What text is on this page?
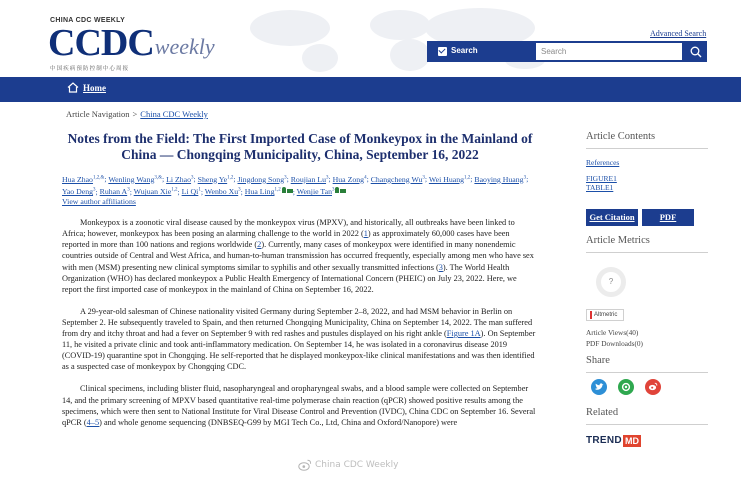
CHINA CDC WEEKLY
CCDC weekly
中国疾病预防控制中心周报
Advanced Search
Search
Search
Home
Article Navigation > China CDC Weekly
Notes from the Field: The First Imported Case of Monkeypox in the Mainland of China — Chongqing Municipality, China, September 16, 2022
Hua Zhao$^{1,2,\&}$; Wenling Wang$^{3,\&}$; Li Zhao$^3$; Sheng Ye$^{1,2}$; Jingdong Song$^3$; Roujian Lu$^3$; Hua Zong$^4$; Changcheng Wu$^3$; Wei Huang$^{1,2}$; Baoying Huang$^3$; Yao Deng$^3$; Ruhan $A^3$; Wujuan Xie$^{1,2}$; Li Qi$^1$; Wenbo Xu$^3$; Hua Ling$^{1,2}$ ; Wenjie Tan$^3$
View author affiliations

Monkeypox is a zoonotic viral disease caused by the monkeypox virus (MPXV), and historically, all outbreaks have been linked to Africa; however, monkeypox has been posing an alarming challenge to the world in 2022 (1) as approximately 60,000 cases have been reported in more than 100 nations and regions worldwide (2). Currently, many cases of monkeypox were identified in many nonendemic countries outside of Central and West Africa, and human-to-human transmission has occurred frequently, especially among men who have sex with men (MSM) presenting new clinical symptoms similar to syphilis and other sexually transmitted infections (3). The World Health Organization (WHO) has declared monkeypox a Public Health Emergency of International Concern (PHEIC) on July 23, 2022. Here, we report the first imported case of monkeypox in the mainland of China on September 16, 2022.

A 29-year-old salesman of Chinese nationality visited Germany during September 2–8, 2022, and had MSM behavior in Berlin on September 2. He subsequently traveled to Spain, and then returned Chongqing Municipality, China on September 14, 2022. The man suffered from dry and itchy throat and had a fever on September 9 with red rashes and pustules displayed on his right ankle (Figure 1A). On September 11, he visited a private clinic and took anti-inflammatory medication. On September 14, he was isolated in a coronavirus disease 2019 (COVID-19) quarantine spot in Chongqing. He self-reported that he displayed monkeypox-like clinical manifestations and was then identified as a suspected case of monkeypox by Chongqing CDC.

Clinical specimens, including blister fluid, nasopharyngeal and oropharyngeal swabs, and a blood sample were collected on September 14, and the primary screening of MPXV based quantitative real-time polymerase chain reaction (qPCR) showed positive results among the specimens, which were then sent to National Institute for Viral Disease Control and Prevention (IVDC), China CDC on September 16. Several qPCR (4–5) and whole genome sequencing (DNBSEQ-G99 by MGI Tech Co., Ltd, China and Oxford/Nanopore) were

Article Contents
References
FIGURE1
TABLE1
Get Citation	PDF
Article Metrics
?
Altmetric
Article Views(40)
PDF Downloads(0)
Share
Related
TREND MD
China CDC Weekly
